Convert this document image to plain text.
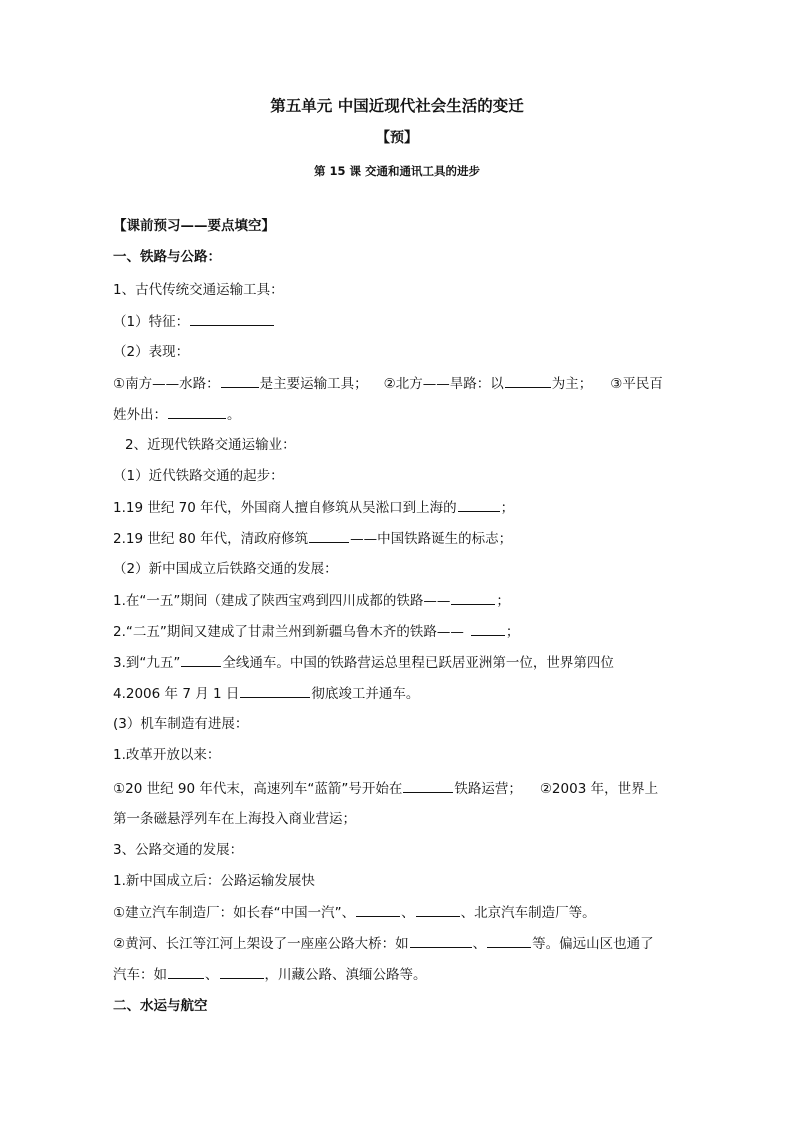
第五单元 中国近现代社会生活的变迁
【预】
第 15 课 交通和通讯工具的进步
【课前预习——要点填空】
一、铁路与公路：
1、古代传统交通运输工具：
（1）特征：
（2）表现：
①南方——水路：	是主要运输工具； ②北方——旱路：以	为主； ③平民百
姓外出：	。
2、近现代铁路交通运输业：
（1）近代铁路交通的起步：
1.19 世纪 70 年代，外国商人擅自修筑从吴淞口到上海的	；
2.19 世纪 80 年代，清政府修筑	——中国铁路诞生的标志；
（2）新中国成立后铁路交通的发展：
1.在“一五”期间（建成了陕西宝鸡到四川成都的铁路——	；
2.“二五”期间又建成了甘肃兰州到新疆乌鲁木齐的铁路——	；
3.到“九五”	全线通车。中国的铁路营运总里程已跃居亚洲第一位，世界第四位
4.2006 年 7 月 1 日	彻底竣工并通车。
(3）机车制造有进展：
1.改革开放以来：
①20 世纪 90 年代末，高速列车“蓝箭”号开始在	铁路运营； ②2003 年，世界上
第一条磁悬浮列车在上海投入商业营运；
3、公路交通的发展：
1.新中国成立后：公路运输发展快
①建立汽车制造厂：如长春“中国一汽”、	、	、北京汽车制造厂等。
②黄河、长江等江河上架设了一座座公路大桥：如	、	等。偏远山区也通了
汽车：如	、	，川藏公路、滇缅公路等。
二、水运与航空
